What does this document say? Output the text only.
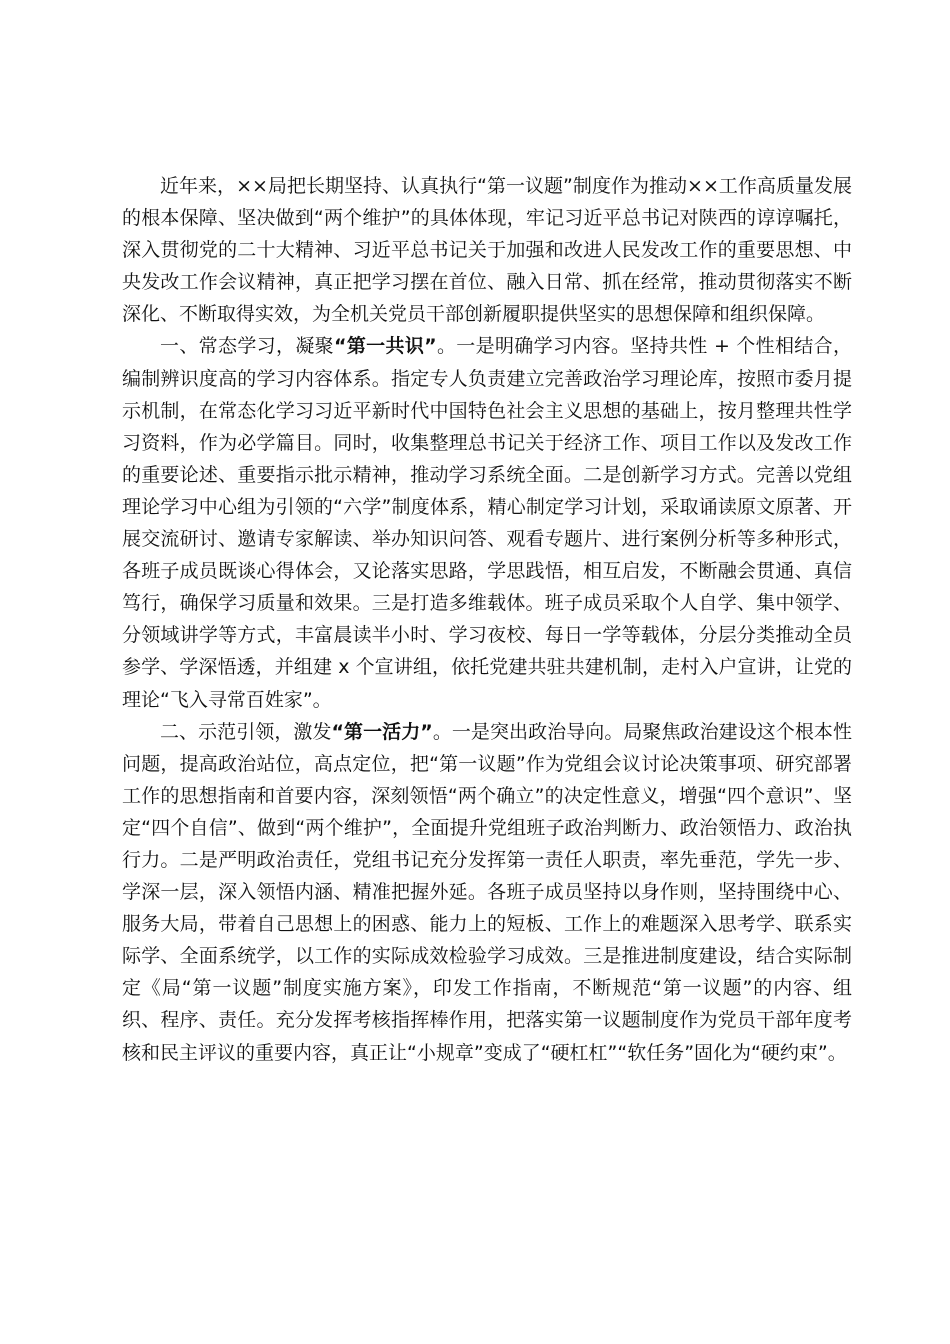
近年来，××局把长期坚持、认真执行“第一议题”制度作为推动××工作高质量发展的根本保障、坚决做到“两个维护”的具体体现，牢记习近平总书记对陕西的谆谆嘱托，深入贯彻党的二十大精神、习近平总书记关于加强和改进人民发改工作的重要思想、中央发改工作会议精神，真正把学习摆在首位、融入日常、抓在经常，推动贯彻落实不断深化、不断取得实效，为全机关党员干部创新履职提供坚实的思想保障和组织保障。

一、常态学习，凝聚“第一共识”。一是明确学习内容。坚持共性 + 个性相结合，编制辨识度高的学习内容体系。指定专人负责建立完善政治学习理论库，按照市委月提示机制，在常态化学习习近平新时代中国特色社会主义思想的基础上，按月整理共性学习资料，作为必学篇目。同时，收集整理总书记关于经济工作、项目工作以及发改工作的重要论述、重要指示批示精神，推动学习系统全面。二是创新学习方式。完善以党组理论学习中心组为引领的“六学”制度体系，精心制定学习计划，采取诵读原文原著、开展交流研讨、邀请专家解读、举办知识问答、观看专题片、进行案例分析等多种形式，各班子成员既谈心得体会，又论落实思路，学思践悟，相互启发，不断融会贯通、真信笃行，确保学习质量和效果。三是打造多维载体。班子成员采取个人自学、集中领学、分领域讲学等方式，丰富晨读半小时、学习夜校、每日一学等载体，分层分类推动全员参学、学深悟透，并组建 x 个宣讲组，依托党建共驻共建机制，走村入户宣讲，让党的理论“飞入寻常百姓家”。

二、示范引领，激发“第一活力”。一是突出政治导向。局聚焦政治建设这个根本性问题，提高政治站位，高点定位，把“第一议题”作为党组会议讨论决策事项、研究部署工作的思想指南和首要内容，深刻领悟“两个确立”的决定性意义，增强“四个意识”、坚定“四个自信”、做到“两个维护”，全面提升党组班子政治判断力、政治领悟力、政治执行力。二是严明政治责任，党组书记充分发挥第一责任人职责，率先垂范，学先一步、学深一层，深入领悟内涵、精准把握外延。各班子成员坚持以身作则，坚持围绕中心、服务大局，带着自己思想上的困惑、能力上的短板、工作上的难题深入思考学、联系实际学、全面系统学，以工作的实际成效检验学习成效。三是推进制度建设，结合实际制定《局“第一议题”制度实施方案》，印发工作指南，不断规范“第一议题”的内容、组织、程序、责任。充分发挥考核指挥棒作用，把落实第一议题制度作为党员干部年度考核和民主评议的重要内容，真正让“小规章”变成了“硬杠杠”“软任务”固化为“硬约束”。
